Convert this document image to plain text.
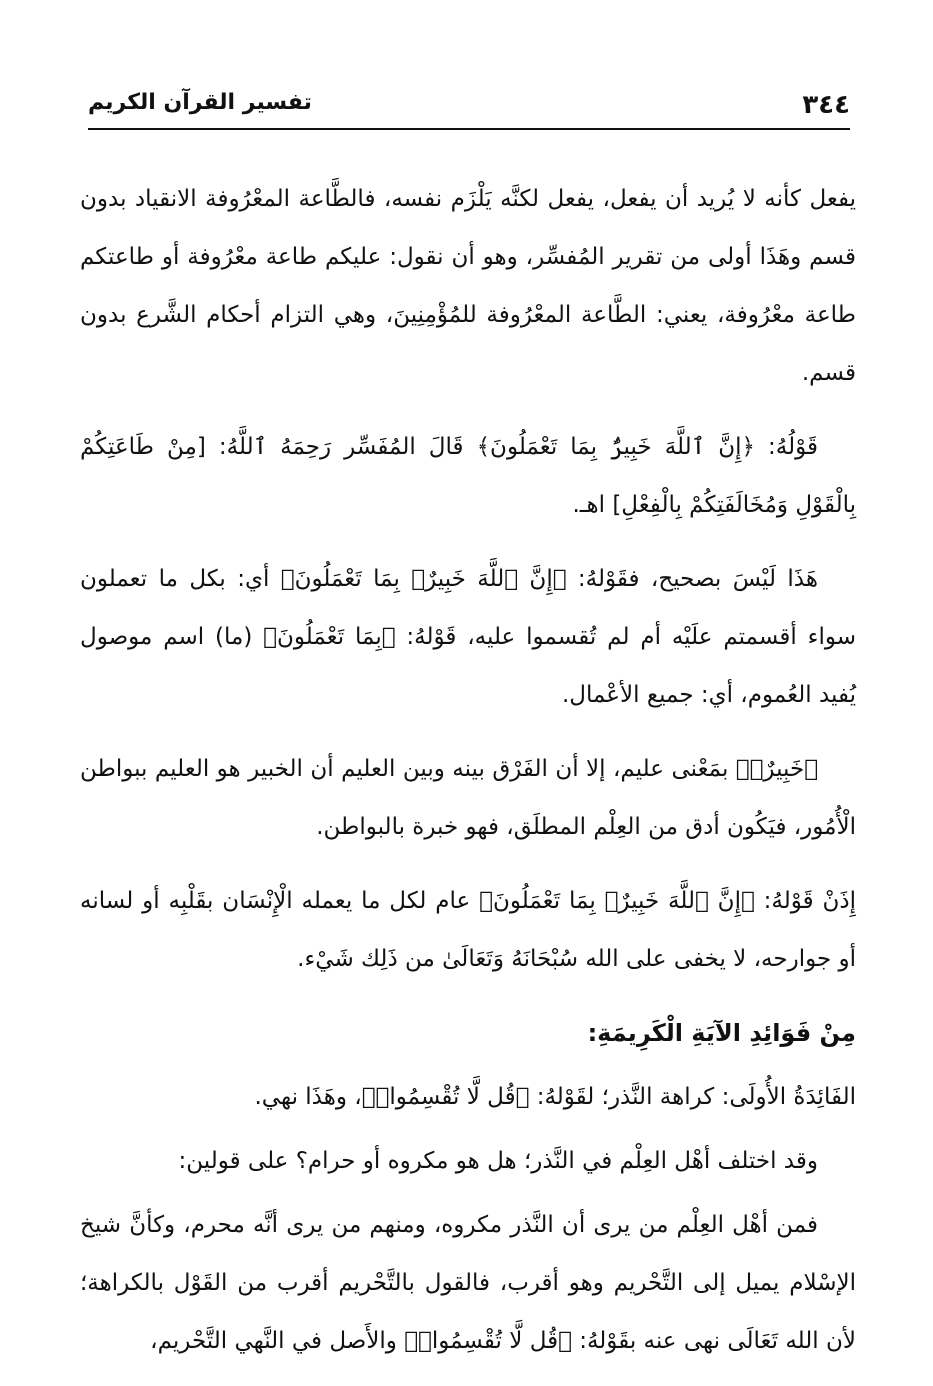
٣٤٤
تفسير القرآن الكريم

يفعل كأنه لا يُريد أن يفعل، يفعل لكنَّه يَلْزَم نفسه، فالطَّاعة المعْرُوفة الانقياد بدون قسم وهَذَا أولى من تقرير المُفسِّر، وهو أن نقول: عليكم طاعة معْرُوفة أو طاعتكم طاعة معْرُوفة، يعني: الطَّاعة المعْرُوفة للمُؤْمِنِينَ، وهي التزام أحكام الشَّرع بدون قسم.

قَوْلُهُ: ﴿إِنَّ ٱللَّهَ خَبِيرٌۢ بِمَا تَعْمَلُونَ﴾ قَالَ المُفَسِّر رَحِمَهُ ٱللَّهُ: [مِنْ طَاعَتِكُمْ بِالْقَوْلِ وَمُخَالَفَتِكُمْ بِالْفِعْلِ] اهـ.

هَذَا لَيْسَ بصحيح، فقَوْلهُ: ﴿إِنَّ ٱللَّهَ خَبِيرٌۢ بِمَا تَعْمَلُونَ﴾ أي: بكل ما تعملون سواء أقسمتم علَيْه أم لم تُقسموا عليه، قَوْلهُ: ﴿بِمَا تَعْمَلُونَ﴾ (ما) اسم موصول يُفيد العُموم، أي: جميع الأعْمال.

﴿خَبِيرٌۢ﴾ بمَعْنى عليم، إلا أن الفَرْق بينه وبين العليم أن الخبير هو العليم ببواطن الْأُمُور، فيَكُون أدق من العِلْم المطلَق، فهو خبرة بالبواطن.

إِذَنْ قَوْلهُ: ﴿إِنَّ ٱللَّهَ خَبِيرٌۢ بِمَا تَعْمَلُونَ﴾ عام لكل ما يعمله الْإِنْسَان بقَلْبِه أو لسانه أو جوارحه، لا يخفى على الله سُبْحَانَهُ وَتَعَالَىٰ من ذَلِك شَيْء.

مِنْ فَوَائِدِ الآيَةِ الْكَرِيمَةِ:

الفَائِدَةُ الأُولَى: كراهة النَّذر؛ لقَوْلهُ: ﴿قُل لَّا تُقْسِمُوا۟﴾، وهَذَا نهي.

وقد اختلف أهْل العِلْم في النَّذر؛ هل هو مكروه أو حرام؟ على قولين:

فمن أهْل العِلْم من يرى أن النَّذر مكروه، ومنهم من يرى أنَّه محرم، وكأنَّ شيخ الإسْلام يميل إلى التَّحْريم وهو أقرب، فالقول بالتَّحْريم أقرب من القَوْل بالكراهة؛ لأن الله تَعَالَى نهى عنه بقَوْلهُ: ﴿قُل لَّا تُقْسِمُوا۟﴾ والأَصل في النَّهي التَّحْريم،
